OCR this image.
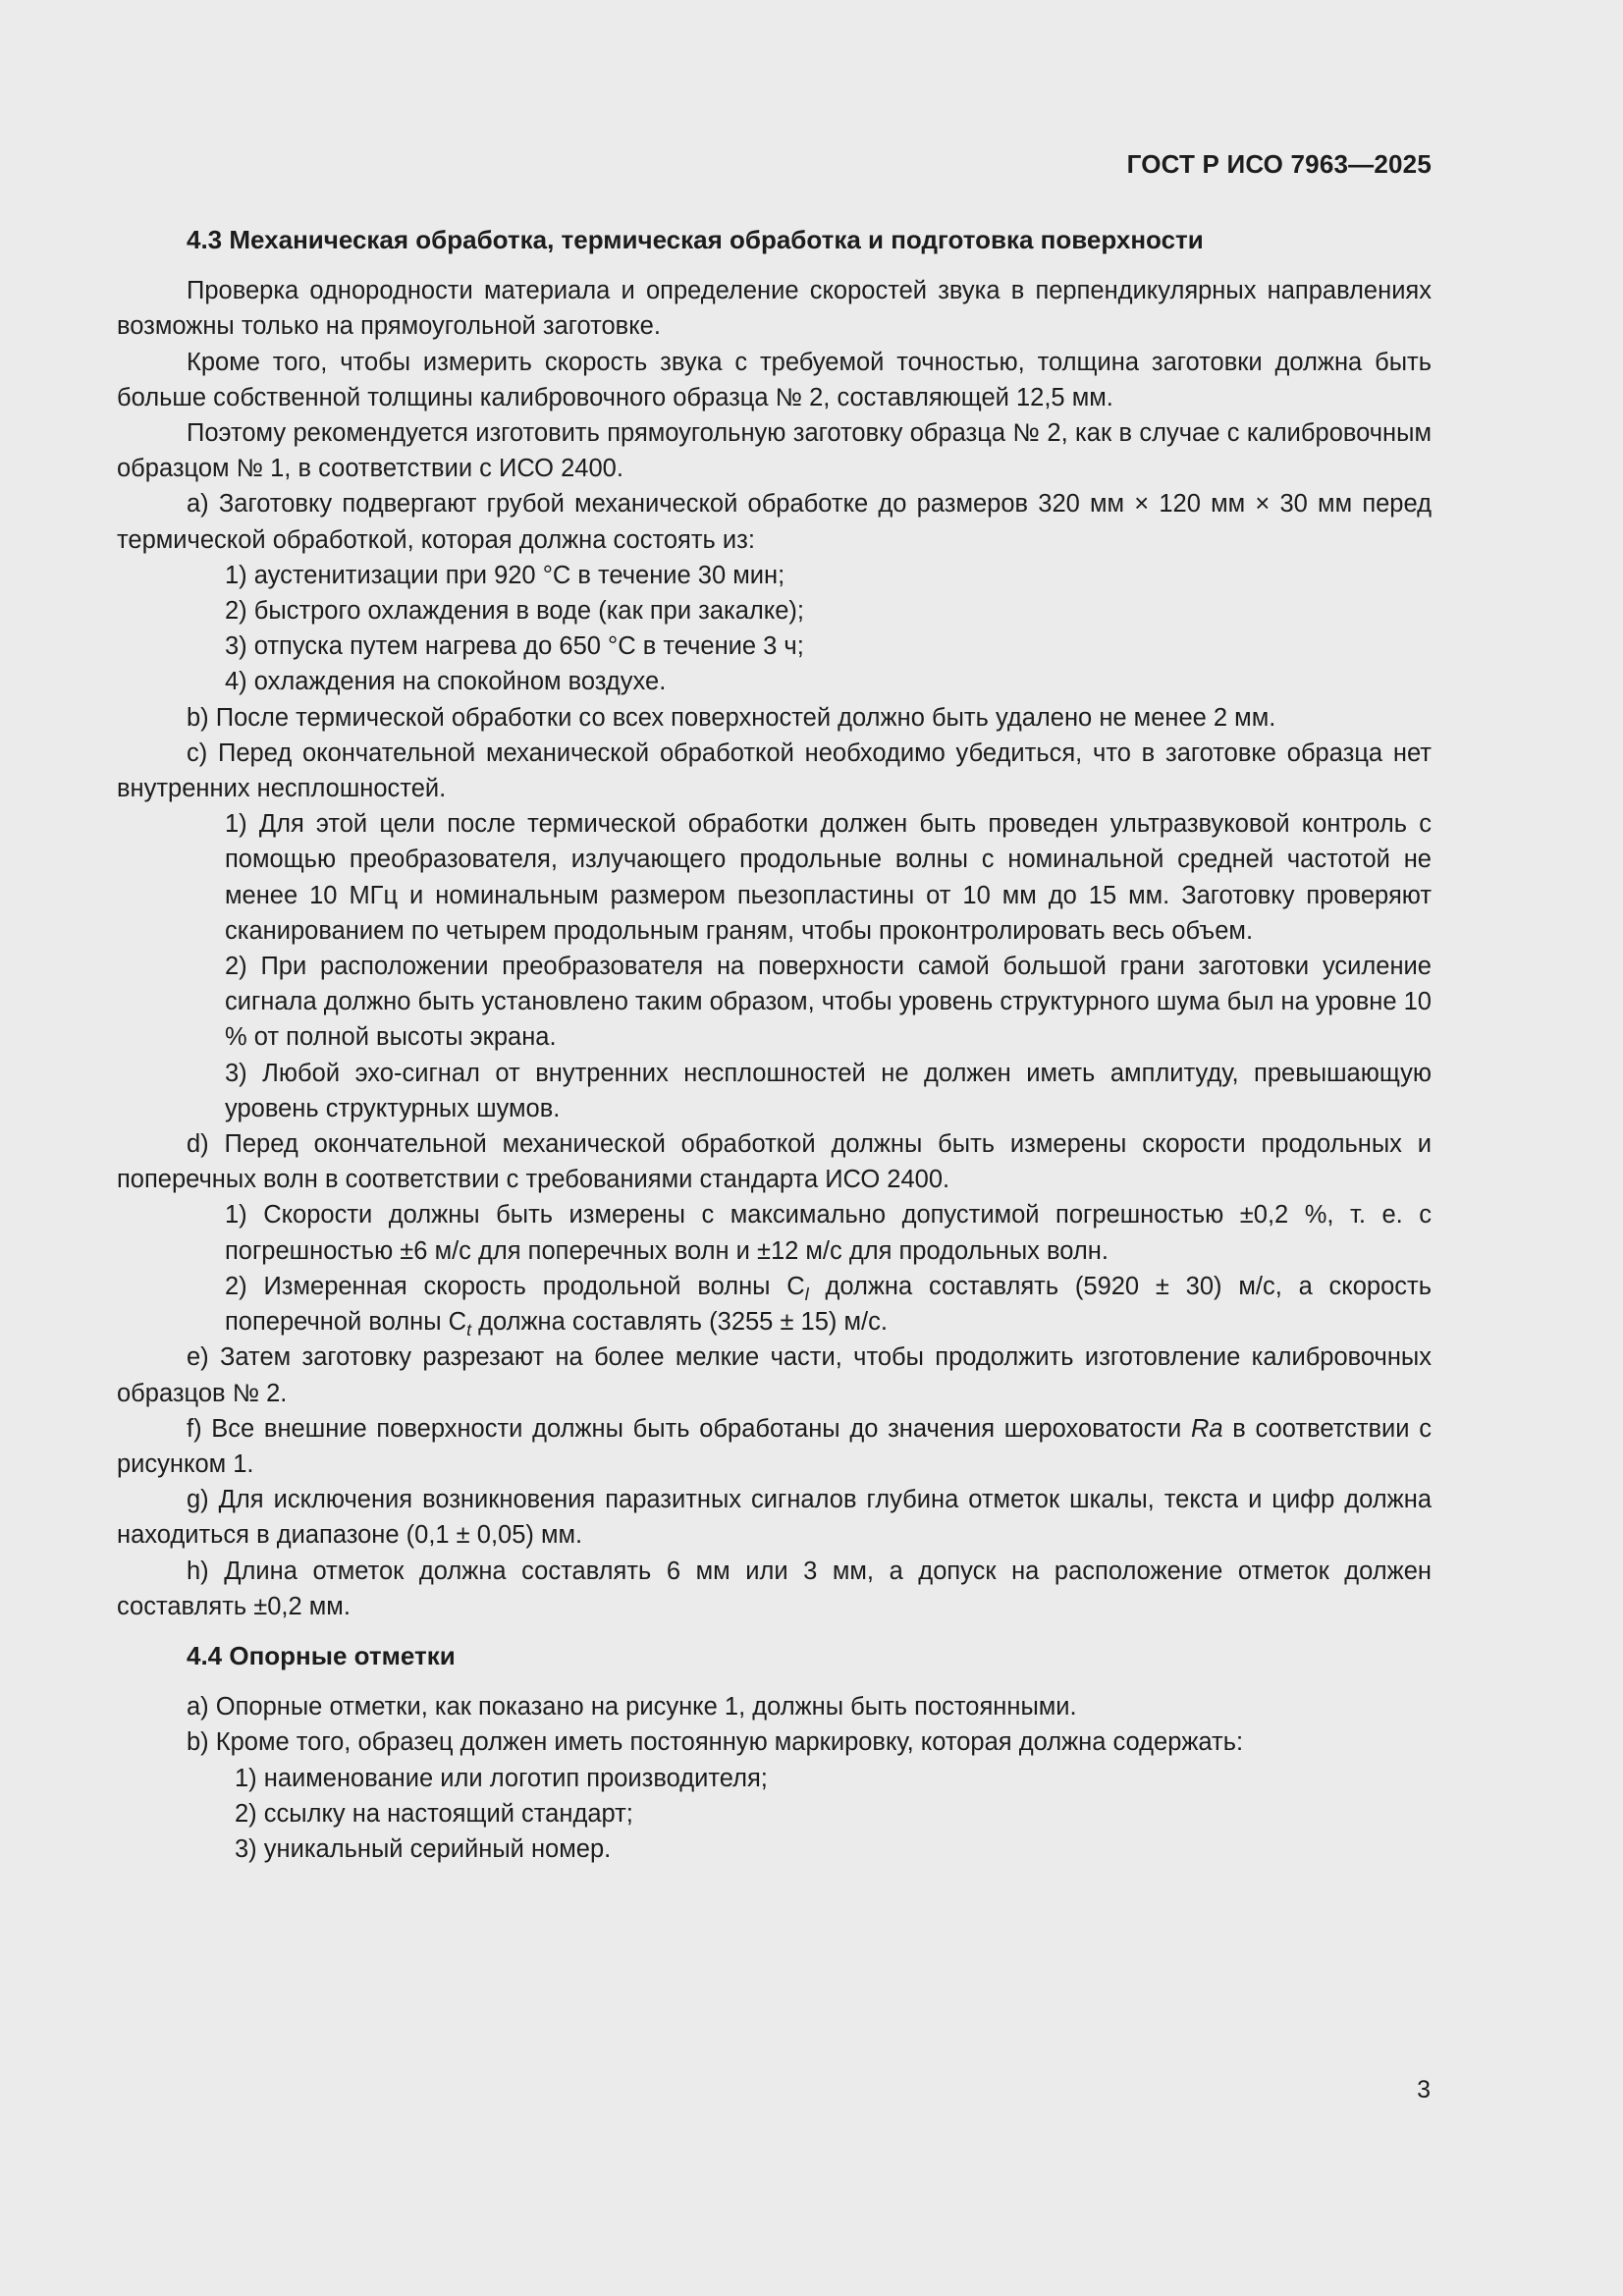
ГОСТ Р ИСО 7963—2025

4.3 Механическая обработка, термическая обработка и подготовка поверхности

Проверка однородности материала и определение скоростей звука в перпендикулярных направлениях возможны только на прямоугольной заготовке.

Кроме того, чтобы измерить скорость звука с требуемой точностью, толщина заготовки должна быть больше собственной толщины калибровочного образца № 2, составляющей 12,5 мм.

Поэтому рекомендуется изготовить прямоугольную заготовку образца № 2, как в случае с калибровочным образцом № 1, в соответствии с ИСО 2400.

а) Заготовку подвергают грубой механической обработке до размеров 320 мм × 120 мм × 30 мм перед термической обработкой, которая должна состоять из:

1) аустенитизации при 920 °С в течение 30 мин;

2) быстрого охлаждения в воде (как при закалке);

3) отпуска путем нагрева до 650 °С в течение 3 ч;

4) охлаждения на спокойном воздухе.

b) После термической обработки со всех поверхностей должно быть удалено не менее 2 мм.

с) Перед окончательной механической обработкой необходимо убедиться, что в заготовке образца нет внутренних несплошностей.

1) Для этой цели после термической обработки должен быть проведен ультразвуковой контроль с помощью преобразователя, излучающего продольные волны с номинальной средней частотой не менее 10 МГц и номинальным размером пьезопластины от 10 мм до 15 мм. Заготовку проверяют сканированием по четырем продольным граням, чтобы проконтролировать весь объем.

2) При расположении преобразователя на поверхности самой большой грани заготовки усиление сигнала должно быть установлено таким образом, чтобы уровень структурного шума был на уровне 10 % от полной высоты экрана.

3) Любой эхо-сигнал от внутренних несплошностей не должен иметь амплитуду, превышающую уровень структурных шумов.

d) Перед окончательной механической обработкой должны быть измерены скорости продольных и поперечных волн в соответствии с требованиями стандарта ИСО 2400.

1) Скорости должны быть измерены с максимально допустимой погрешностью ±0,2 %, т. е. с погрешностью ±6 м/с для поперечных волн и ±12 м/с для продольных волн.

2) Измеренная скорость продольной волны $С_l$ должна составлять (5920 ± 30) м/с, а скорость поперечной волны $С_t$ должна составлять (3255 ± 15) м/с.

е) Затем заготовку разрезают на более мелкие части, чтобы продолжить изготовление калибровочных образцов № 2.

f) Все внешние поверхности должны быть обработаны до значения шероховатости Ra в соответствии с рисунком 1.

g) Для исключения возникновения паразитных сигналов глубина отметок шкалы, текста и цифр должна находиться в диапазоне (0,1 ± 0,05) мм.

h) Длина отметок должна составлять 6 мм или 3 мм, а допуск на расположение отметок должен составлять ±0,2 мм.

4.4 Опорные отметки

а) Опорные отметки, как показано на рисунке 1, должны быть постоянными.

b) Кроме того, образец должен иметь постоянную маркировку, которая должна содержать:

1) наименование или логотип производителя;

2) ссылку на настоящий стандарт;

3) уникальный серийный номер.

3
